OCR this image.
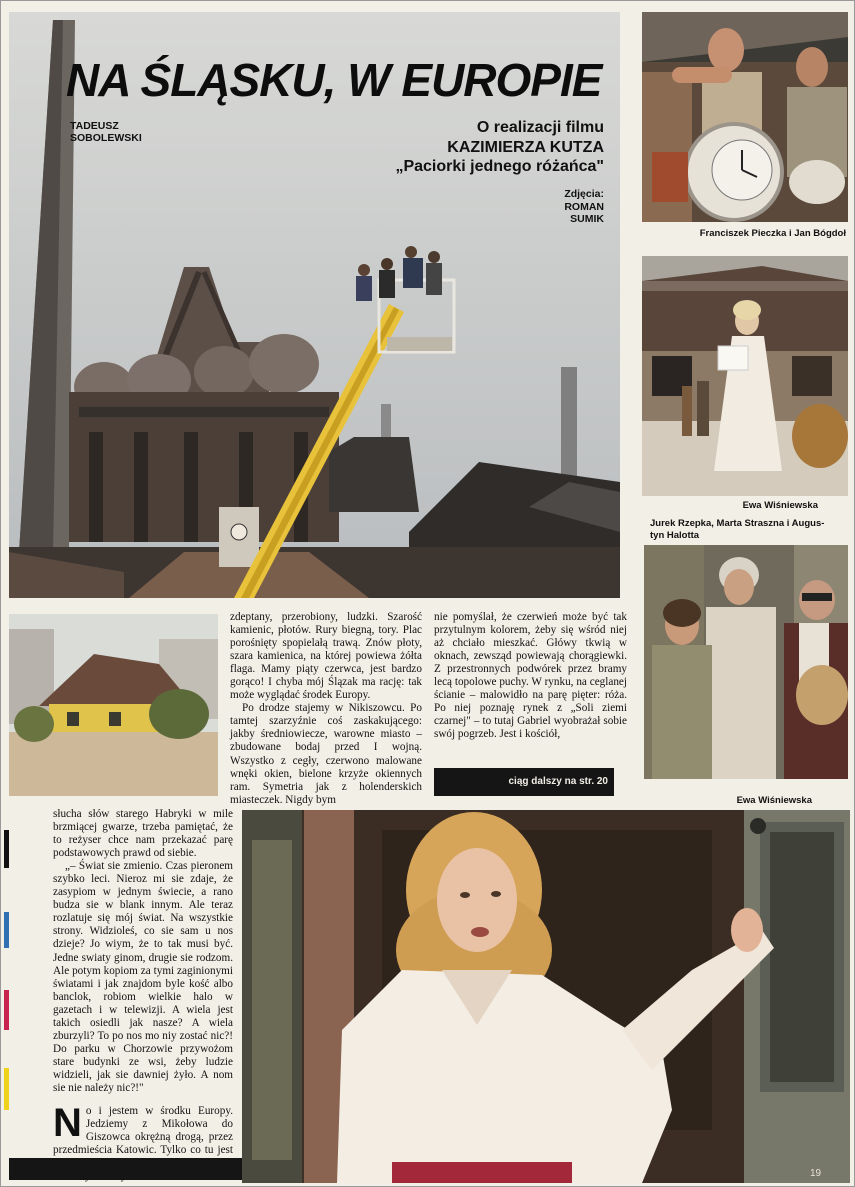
NA ŚLĄSKU, W EUROPIE
TADEUSZ
SOBOLEWSKI
O realizacji filmu
KAZIMIERZA KUTZA
„Paciorki jednego różańca"
Zdjęcia:
ROMAN
SUMIK
Franciszek Pieczka i Jan Bógdoł
Ewa Wiśniewska
Jurek Rzepka, Marta Straszna i Augus-
tyn Halotta
Ewa Wiśniewska

zdeptany, przerobiony, ludzki. Szarość kamienic, płotów. Rury biegną, tory. Plac porośnięty spopielałą trawą. Znów płoty, szara kamienica, na której powiewa żółta flaga. Mamy piąty czerwca, jest bardzo gorąco! I chyba mój Ślązak ma rację: tak może wyglądać środek Europy.

Po drodze stajemy w Nikiszowcu. Po tamtej szarzyźnie coś zaskakującego: jakby średniowiecze, warowne miasto – zbudowane bodaj przed I wojną. Wszystko z cegły, czerwono malowane wnęki okien, bielone krzyże okiennych ram. Symetria jak z holenderskich miasteczek. Nigdy bym

nie pomyślał, że czerwień może być tak przytulnym kolorem, żeby się wśród niej aż chciało mieszkać. Główy tkwią w oknach, zewsząd powiewają chorągiewki. Z przestronnych podwórek przez bramy lecą topolowe puchy. W rynku, na ceglanej ścianie – malowidło na parę pięter: róża. Po niej poznaję rynek z „Soli ziemi czarnej" – to tutaj Gabriel wyobrażał sobie swój pogrzeb. Jest i kościół,

ciąg dalszy na str. 20

słucha słów starego Habryki w mile brzmiącej gwarze, trzeba pamiętać, że to reżyser chce nam przekazać parę podstawowych prawd od siebie.

„– Świat sie zmienio. Czas pieronem szybko leci. Nieroz mi sie zdaje, że zasypiom w jednym świecie, a rano budza sie w blank innym. Ale teraz rozlatuje się mój świat. Na wszystkie strony. Widzioleś, co sie sam u nos dzieje? Jo wiym, że to tak musi być. Jedne swiaty ginom, drugie sie rodzom. Ale potym kopiom za tymi zaginionymi światami i jak znajdom byle kość albo banclok, robiom wielkie halo w gazetach i w telewizji. A wiela jest takich osiedli jak nasze? A wiela zburzyli? To po nos mo niy zostać nic?! Do parku w Chorzowie przywożom stare budynki ze wsi, żeby ludzie widzieli, jak sie dawniej żyło. A nom sie nie należy nic?!"

No i jestem w środku Europy. Jedziemy z Mikołowa do Giszowca okrężną drogą, przez przedmieścia Katowic. Tylko co tu jest

19
